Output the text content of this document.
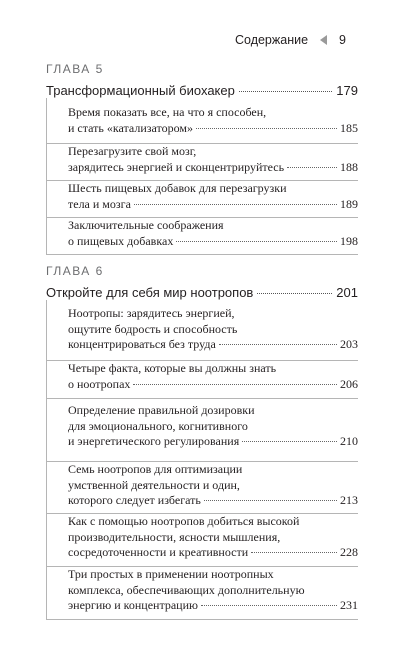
Содержание 9
ГЛАВА 5
Трансформационный биохакер	179
Время показать все, на что я способен,
и стать «катализатором»	185
Перезагрузите свой мозг,
зарядитесь энергией и сконцентрируйтесь	188
Шесть пищевых добавок для перезагрузки
тела и мозга	189
Заключительные соображения
о пищевых добавках	198
ГЛАВА 6
Откройте для себя мир ноотропов	201
Ноотропы: зарядитесь энергией,
ощутите бодрость и способность
концентрироваться без труда	203
Четыре факта, которые вы должны знать
о ноотропах	206
Определение правильной дозировки
для эмоционального, когнитивного
и энергетического регулирования	210
Семь ноотропов для оптимизации
умственной деятельности и один,
которого следует избегать	213
Как с помощью ноотропов добиться высокой
производительности, ясности мышления,
сосредоточенности и креативности	228
Три простых в применении ноотропных
комплекса, обеспечивающих дополнительную
энергию и концентрацию	231
